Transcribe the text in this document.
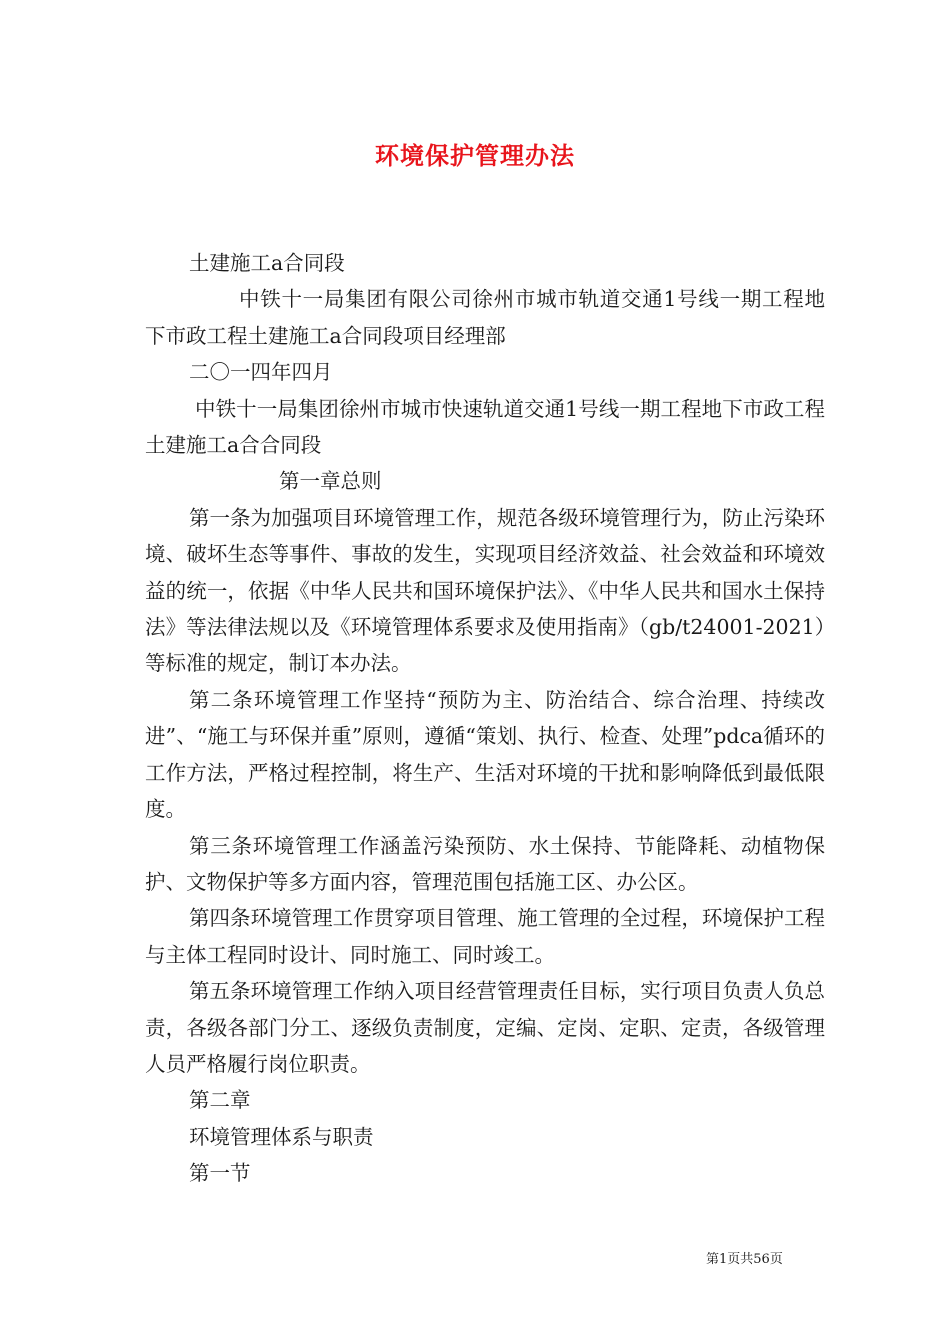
环境保护管理办法

土建施工a合同段

中铁十一局集团有限公司徐州市城市轨道交通1号线一期工程地下市政工程土建施工a合同段项目经理部

二〇一四年四月

中铁十一局集团徐州市城市快速轨道交通1号线一期工程地下市政工程土建施工a合合同段

第一章总则

第一条为加强项目环境管理工作，规范各级环境管理行为，防止污染环境、破坏生态等事件、事故的发生，实现项目经济效益、社会效益和环境效益的统一，依据《中华人民共和国环境保护法》、《中华人民共和国水土保持法》等法律法规以及《环境管理体系要求及使用指南》（gb/t24001-2021）等标准的规定，制订本办法。

第二条环境管理工作坚持“预防为主、防治结合、综合治理、持续改进”、“施工与环保并重”原则，遵循“策划、执行、检查、处理”pdca循环的工作方法，严格过程控制，将生产、生活对环境的干扰和影响降低到最低限度。

第三条环境管理工作涵盖污染预防、水土保持、节能降耗、动植物保护、文物保护等多方面内容，管理范围包括施工区、办公区。

第四条环境管理工作贯穿项目管理、施工管理的全过程，环境保护工程与主体工程同时设计、同时施工、同时竣工。

第五条环境管理工作纳入项目经营管理责任目标，实行项目负责人负总责，各级各部门分工、逐级负责制度，定编、定岗、定职、定责，各级管理人员严格履行岗位职责。

第二章

环境管理体系与职责

第一节

第1页共56页
